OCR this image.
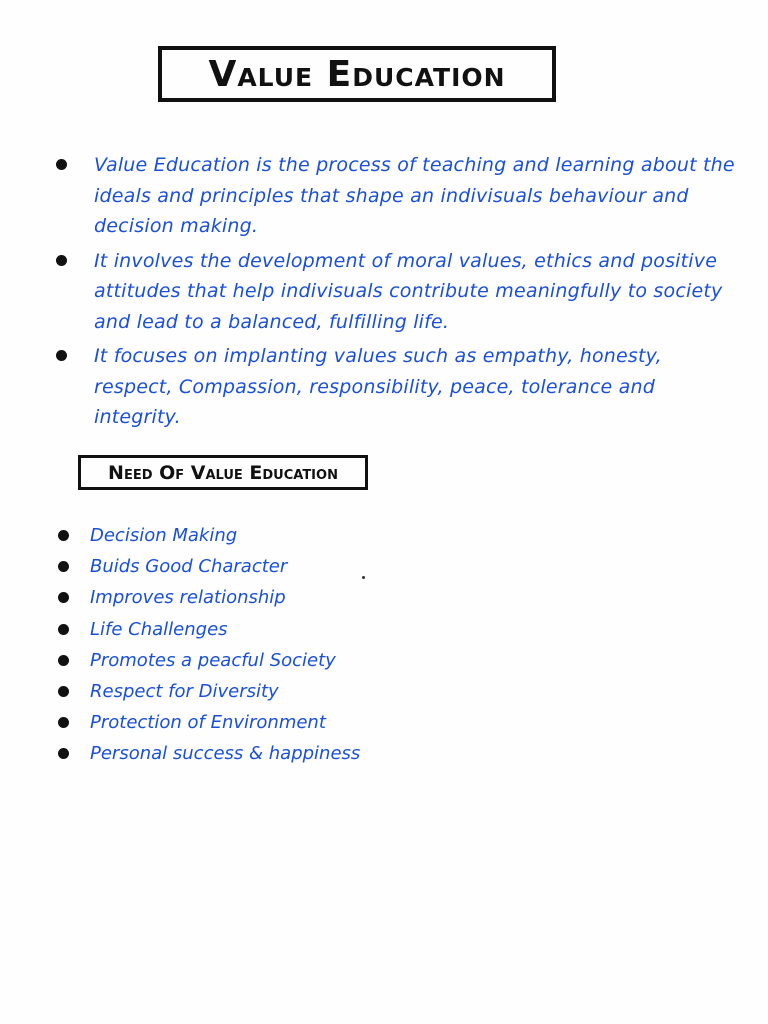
Value Education
Value Education is the process of teaching and learning about the ideals and principles that shape an indivisuals behaviour and decision making.
It involves the development of moral values, ethics and positive attitudes that help indivisuals contribute meaningfully to society and lead to a balanced, fulfilling life.
It focuses on implanting values such as empathy, honesty, respect, Compassion, responsibility, peace, tolerance and integrity.
Need Of Value Education
Decision Making
Buids Good Character
Improves relationship
Life Challenges
Promotes a peacful Society
Respect for Diversity
Protection of Environment
Personal success & happiness
